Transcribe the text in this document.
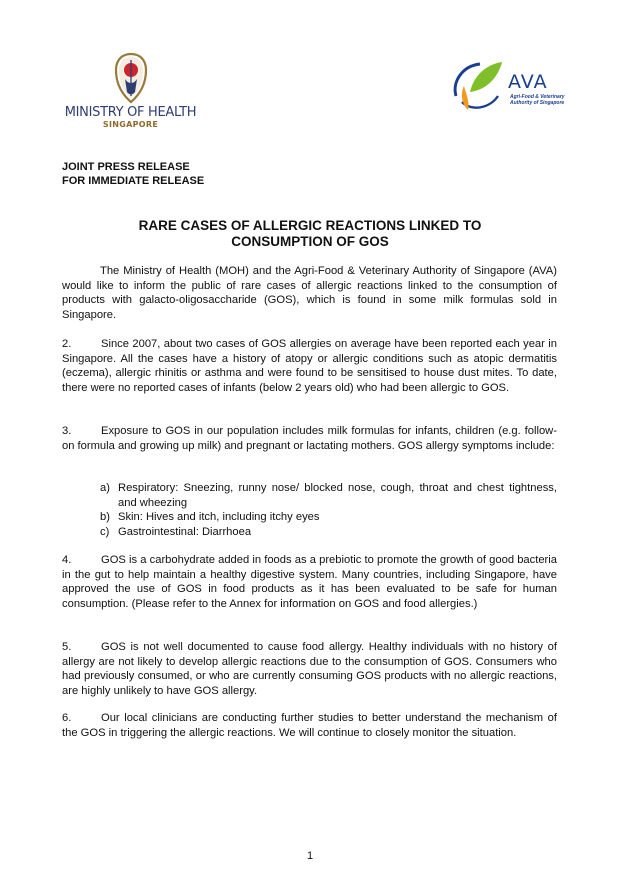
MINISTRY OF HEALTH
SINGAPORE
AVA
Agri-Food & Veterinary
Authority of Singapore
JOINT PRESS RELEASE
FOR IMMEDIATE RELEASE
RARE CASES OF ALLERGIC REACTIONS LINKED TO
CONSUMPTION OF GOS

The Ministry of Health (MOH) and the Agri-Food & Veterinary Authority of Singapore (AVA) would like to inform the public of rare cases of allergic reactions linked to the consumption of products with galacto-oligosaccharide (GOS), which is found in some milk formulas sold in Singapore.

2.	Since 2007, about two cases of GOS allergies on average have been reported each year in Singapore. All the cases have a history of atopy or allergic conditions such as atopic dermatitis (eczema), allergic rhinitis or asthma and were found to be sensitised to house dust mites. To date, there were no reported cases of infants (below 2 years old) who had been allergic to GOS.

3.	Exposure to GOS in our population includes milk formulas for infants, children (e.g. follow-on formula and growing up milk) and pregnant or lactating mothers. GOS allergy symptoms include:

a) Respiratory: Sneezing, runny nose/ blocked nose, cough, throat and chest tightness, and wheezing
b) Skin: Hives and itch, including itchy eyes
c) Gastrointestinal: Diarrhoea

4.	GOS is a carbohydrate added in foods as a prebiotic to promote the growth of good bacteria in the gut to help maintain a healthy digestive system. Many countries, including Singapore, have approved the use of GOS in food products as it has been evaluated to be safe for human consumption. (Please refer to the Annex for information on GOS and food allergies.)

5.	GOS is not well documented to cause food allergy. Healthy individuals with no history of allergy are not likely to develop allergic reactions due to the consumption of GOS. Consumers who had previously consumed, or who are currently consuming GOS products with no allergic reactions, are highly unlikely to have GOS allergy.

6.	Our local clinicians are conducting further studies to better understand the mechanism of the GOS in triggering the allergic reactions. We will continue to closely monitor the situation.

1
